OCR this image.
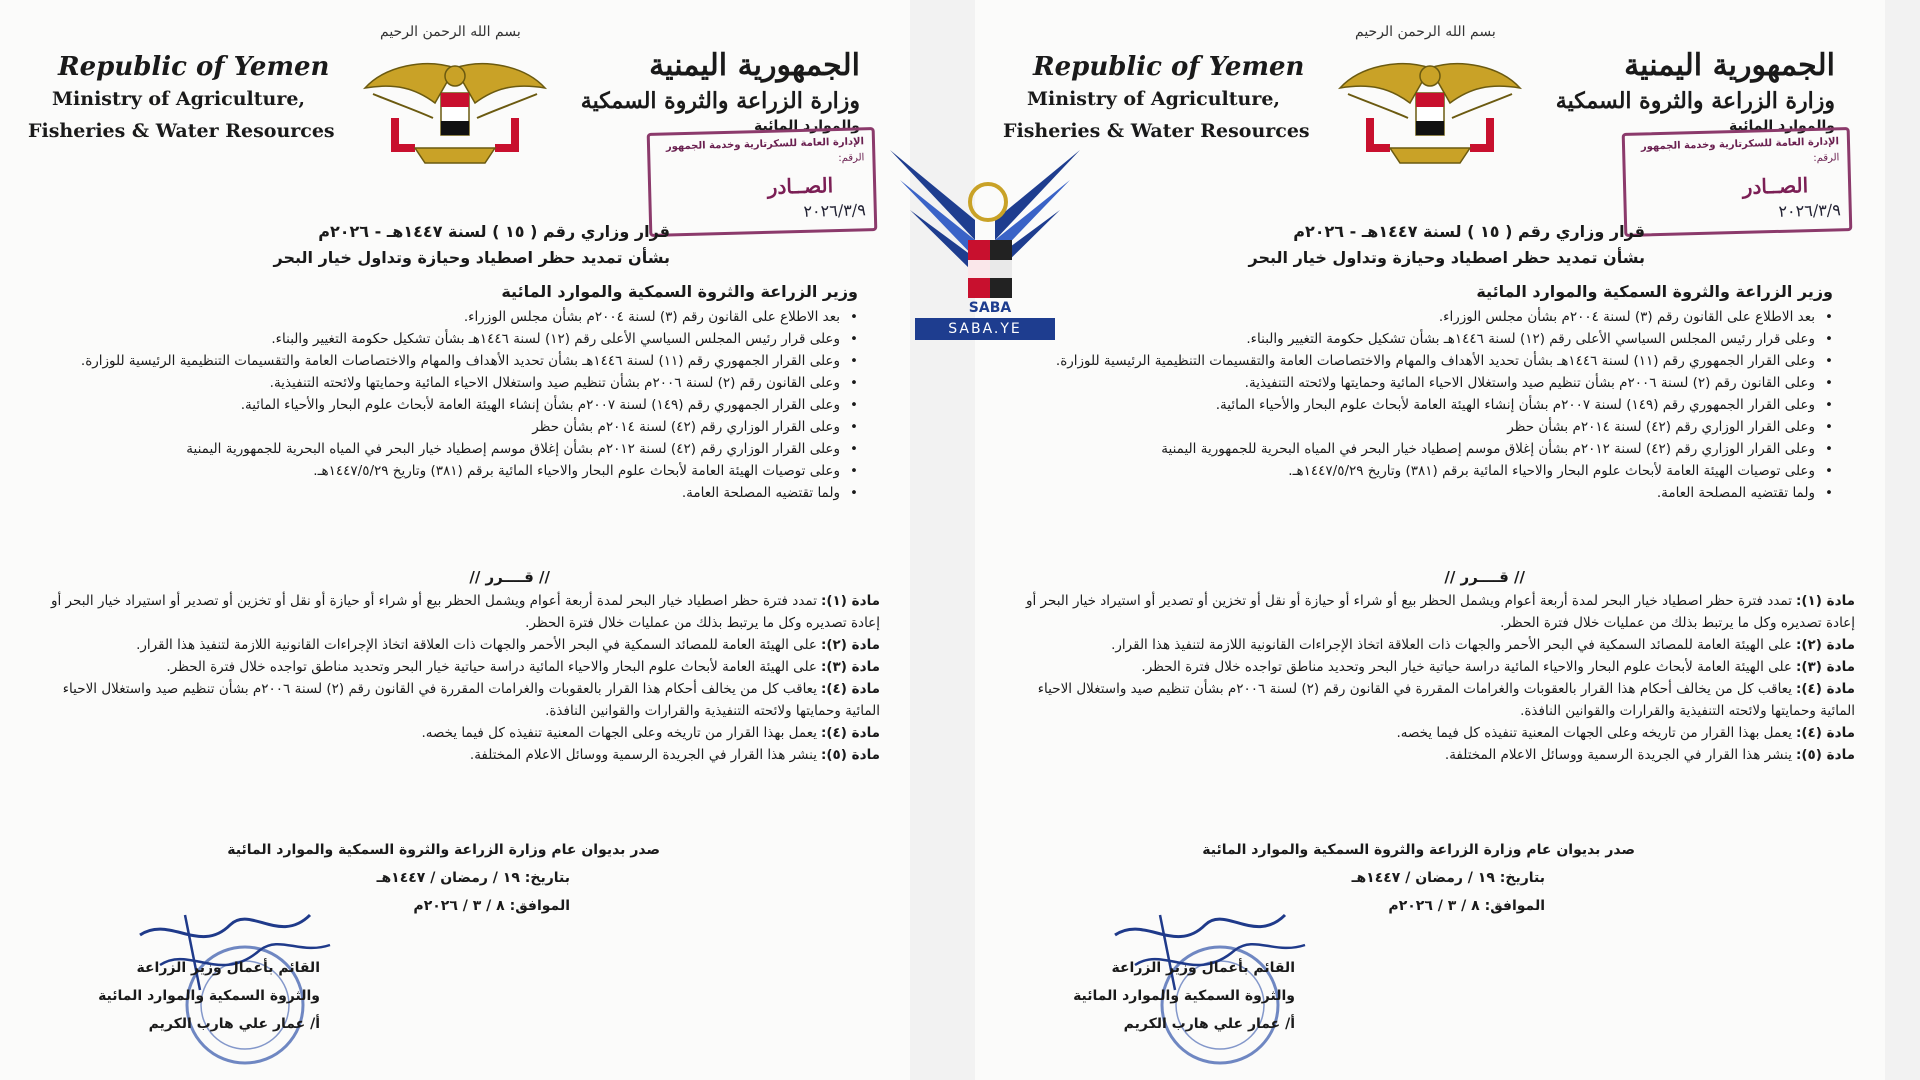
بسم الله الرحمن الرحيم
Republic of Yemen
Ministry of Agriculture,
Fisheries & Water Resources
الجمهورية اليمنية
وزارة الزراعة والثروة السمكية
والموارد المائية
الإدارة العامة للسكرتارية وخدمة الجمهور
الرقم:
الصــادر
٢٠٢٦/٣/٩
قرار وزاري رقم ( ١٥ ) لسنة ١٤٤٧هـ - ٢٠٢٦م
بشأن تمديد حظر اصطياد وحيازة وتداول خيار البحر
وزير الزراعة والثروة السمكية والموارد المائية
• بعد الاطلاع على القانون رقم (٣) لسنة ٢٠٠٤م بشأن مجلس الوزراء.
• وعلى قرار رئيس المجلس السياسي الأعلى رقم (١٢) لسنة ١٤٤٦هـ بشأن تشكيل حكومة التغيير والبناء.
• وعلى القرار الجمهوري رقم (١١) لسنة ١٤٤٦هـ بشأن تحديد الأهداف والمهام والاختصاصات العامة والتقسيمات التنظيمية الرئيسية للوزارة.
• وعلى القانون رقم (٢) لسنة ٢٠٠٦م بشأن تنظيم صيد واستغلال الاحياء المائية وحمايتها ولائحته التنفيذية.
• وعلى القرار الجمهوري رقم (١٤٩) لسنة ٢٠٠٧م بشأن إنشاء الهيئة العامة لأبحاث علوم البحار والأحياء المائية.
• وعلى القرار الوزاري رقم (٤٢) لسنة ٢٠١٤م بشأن حظر
• وعلى القرار الوزاري رقم (٤٢) لسنة ٢٠١٢م بشأن إغلاق موسم إصطياد خيار البحر في المياه البحرية للجمهورية اليمنية
• وعلى توصيات الهيئة العامة لأبحاث علوم البحار والاحياء المائية برقم (٣٨١) وتاريخ ١٤٤٧/٥/٢٩هـ.
• ولما تقتضيه المصلحة العامة.
// قــــرر //

مادة (١):تمدد فترة حظر اصطياد خيار البحر لمدة أربعة أعوام ويشمل الحظر بيع أو شراء أو حيازة أو نقل أو تخزين أو تصدير أو استيراد خيار البحر أو إعادة تصديره وكل ما يرتبط بذلك من عمليات خلال فترة الحظر.

مادة (٢):على الهيئة العامة للمصائد السمكية في البحر الأحمر والجهات ذات العلاقة اتخاذ الإجراءات القانونية اللازمة لتنفيذ هذا القرار.

مادة (٣):على الهيئة العامة لأبحاث علوم البحار والاحياء المائية دراسة حياتية خيار البحر وتحديد مناطق تواجده خلال فترة الحظر.

مادة (٤):يعاقب كل من يخالف أحكام هذا القرار بالعقوبات والغرامات المقررة في القانون رقم (٢) لسنة ٢٠٠٦م بشأن تنظيم صيد واستغلال الاحياء المائية وحمايتها ولائحته التنفيذية والقرارات والقوانين النافذة.

مادة (٤):يعمل بهذا القرار من تاريخه وعلى الجهات المعنية تنفيذه كل فيما يخصه.

مادة (٥):ينشر هذا القرار في الجريدة الرسمية ووسائل الاعلام المختلفة.

صدر بديوان عام وزارة الزراعة والثروة السمكية والموارد المائية
بتاريخ: ١٩ / رمضان / ١٤٤٧هـ
الموافق: ٨ / ٣ / ٢٠٢٦م
القائم بأعمال وزير الزراعة
والثروة السمكية والموارد المائية
أ/ عمار علي هارب الكريم
بسم الله الرحمن الرحيم
Republic of Yemen
Ministry of Agriculture,
Fisheries & Water Resources
الجمهورية اليمنية
وزارة الزراعة والثروة السمكية
والموارد المائية
الإدارة العامة للسكرتارية وخدمة الجمهور
الرقم:
الصــادر
٢٠٢٦/٣/٩
قرار وزاري رقم ( ١٥ ) لسنة ١٤٤٧هـ - ٢٠٢٦م
بشأن تمديد حظر اصطياد وحيازة وتداول خيار البحر
وزير الزراعة والثروة السمكية والموارد المائية
• بعد الاطلاع على القانون رقم (٣) لسنة ٢٠٠٤م بشأن مجلس الوزراء.
• وعلى قرار رئيس المجلس السياسي الأعلى رقم (١٢) لسنة ١٤٤٦هـ بشأن تشكيل حكومة التغيير والبناء.
• وعلى القرار الجمهوري رقم (١١) لسنة ١٤٤٦هـ بشأن تحديد الأهداف والمهام والاختصاصات العامة والتقسيمات التنظيمية الرئيسية للوزارة.
• وعلى القانون رقم (٢) لسنة ٢٠٠٦م بشأن تنظيم صيد واستغلال الاحياء المائية وحمايتها ولائحته التنفيذية.
• وعلى القرار الجمهوري رقم (١٤٩) لسنة ٢٠٠٧م بشأن إنشاء الهيئة العامة لأبحاث علوم البحار والأحياء المائية.
• وعلى القرار الوزاري رقم (٤٢) لسنة ٢٠١٤م بشأن حظر
• وعلى القرار الوزاري رقم (٤٢) لسنة ٢٠١٢م بشأن إغلاق موسم إصطياد خيار البحر في المياه البحرية للجمهورية اليمنية
• وعلى توصيات الهيئة العامة لأبحاث علوم البحار والاحياء المائية برقم (٣٨١) وتاريخ ١٤٤٧/٥/٢٩هـ.
• ولما تقتضيه المصلحة العامة.
// قــــرر //

مادة (١):تمدد فترة حظر اصطياد خيار البحر لمدة أربعة أعوام ويشمل الحظر بيع أو شراء أو حيازة أو نقل أو تخزين أو تصدير أو استيراد خيار البحر أو إعادة تصديره وكل ما يرتبط بذلك من عمليات خلال فترة الحظر.

مادة (٢):على الهيئة العامة للمصائد السمكية في البحر الأحمر والجهات ذات العلاقة اتخاذ الإجراءات القانونية اللازمة لتنفيذ هذا القرار.

مادة (٣):على الهيئة العامة لأبحاث علوم البحار والاحياء المائية دراسة حياتية خيار البحر وتحديد مناطق تواجده خلال فترة الحظر.

مادة (٤):يعاقب كل من يخالف أحكام هذا القرار بالعقوبات والغرامات المقررة في القانون رقم (٢) لسنة ٢٠٠٦م بشأن تنظيم صيد واستغلال الاحياء المائية وحمايتها ولائحته التنفيذية والقرارات والقوانين النافذة.

مادة (٤):يعمل بهذا القرار من تاريخه وعلى الجهات المعنية تنفيذه كل فيما يخصه.

مادة (٥):ينشر هذا القرار في الجريدة الرسمية ووسائل الاعلام المختلفة.

صدر بديوان عام وزارة الزراعة والثروة السمكية والموارد المائية
بتاريخ: ١٩ / رمضان / ١٤٤٧هـ
الموافق: ٨ / ٣ / ٢٠٢٦م
القائم بأعمال وزير الزراعة
والثروة السمكية والموارد المائية
أ/ عمار علي هارب الكريم
SABA
SABA.YE
